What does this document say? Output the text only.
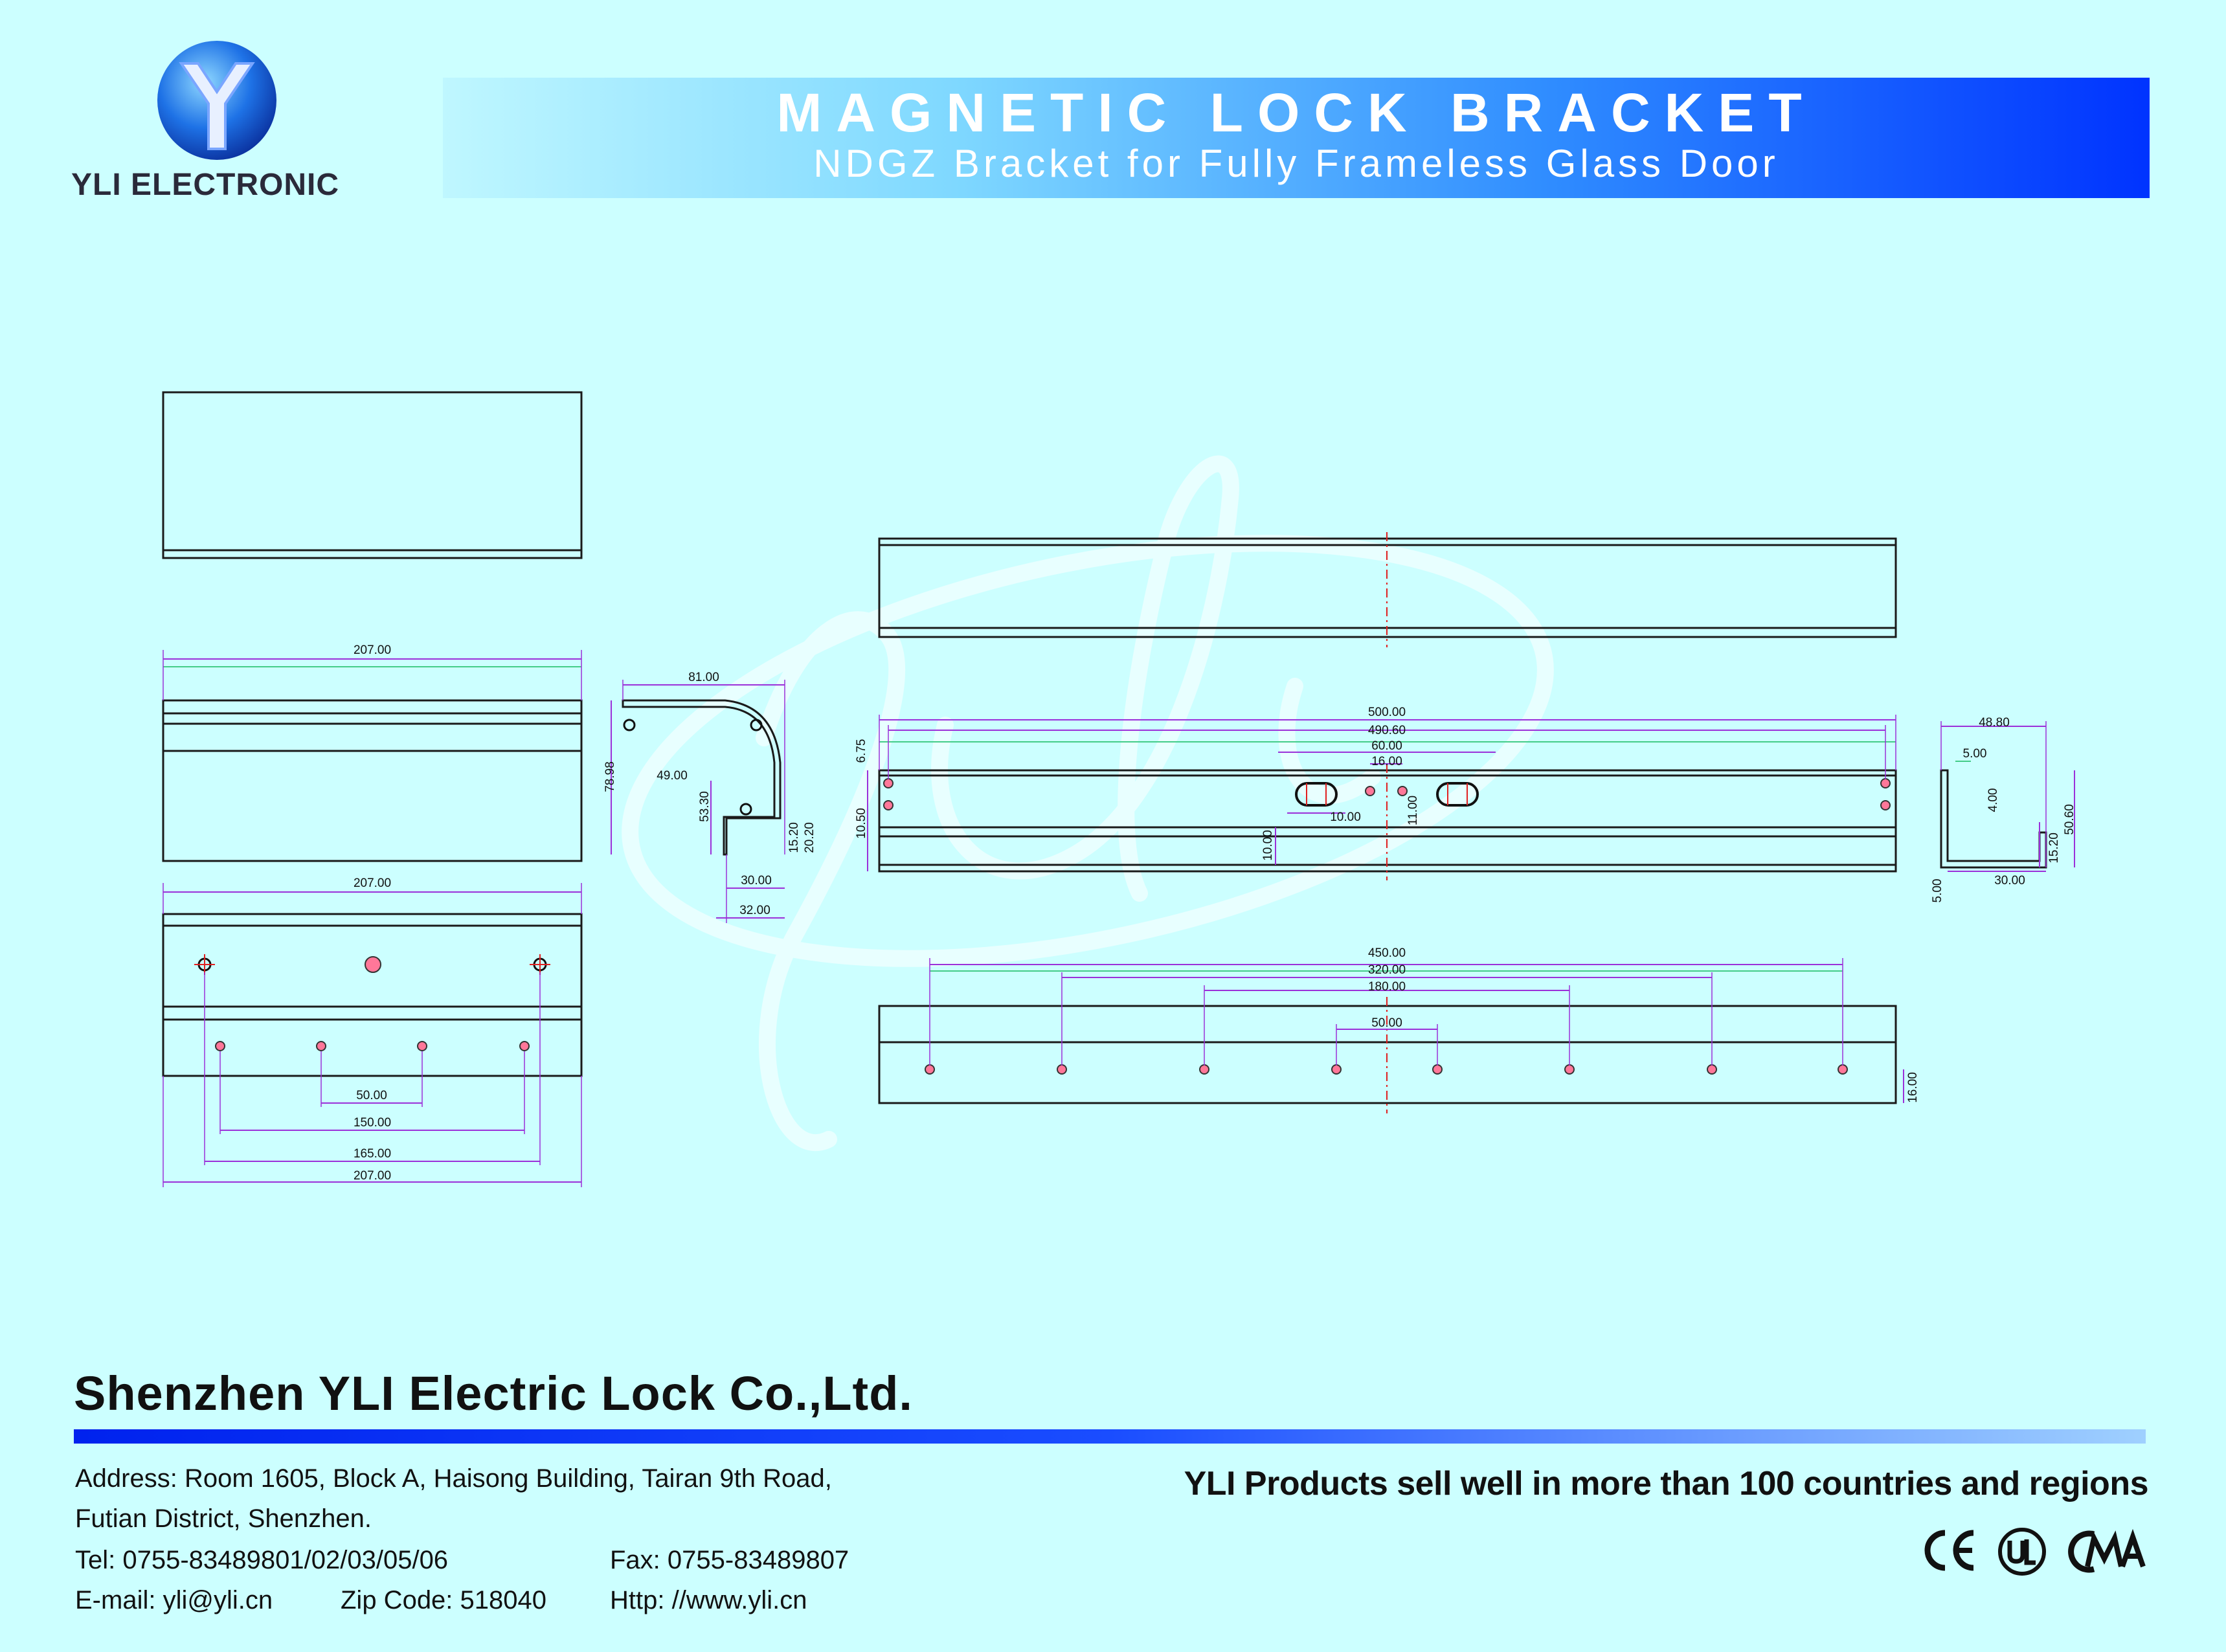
YLI ELECTRONIC
MAGNETIC LOCK BRACKET
NDGZ Bracket for Fully Frameless Glass Door
207.00
207.00
50.00
150.00
165.00
207.00
81.00
78.98	49.00
53.30
15.20 20.20
30.00
32.00
500.00
490.60
60.00
16.00
6.75
10.50	10.00	11.00
10.00
450.00
320.00
180.00
50.00
16.00
48.80
5.00
4.00
15.20
50.60
5.00	30.00
Shenzhen YLI Electric Lock Co.,Ltd.
Address: Room 1605, Block A, Haisong Building, Tairan 9th Road,
Futian District, Shenzhen.
Tel: 0755-83489801/02/03/05/06	Fax: 0755-83489807
E-mail: yli@yli.cn	Zip Code: 518040 Http: //www.yli.cn
YLI Products sell well in more than 100 countries and regions
